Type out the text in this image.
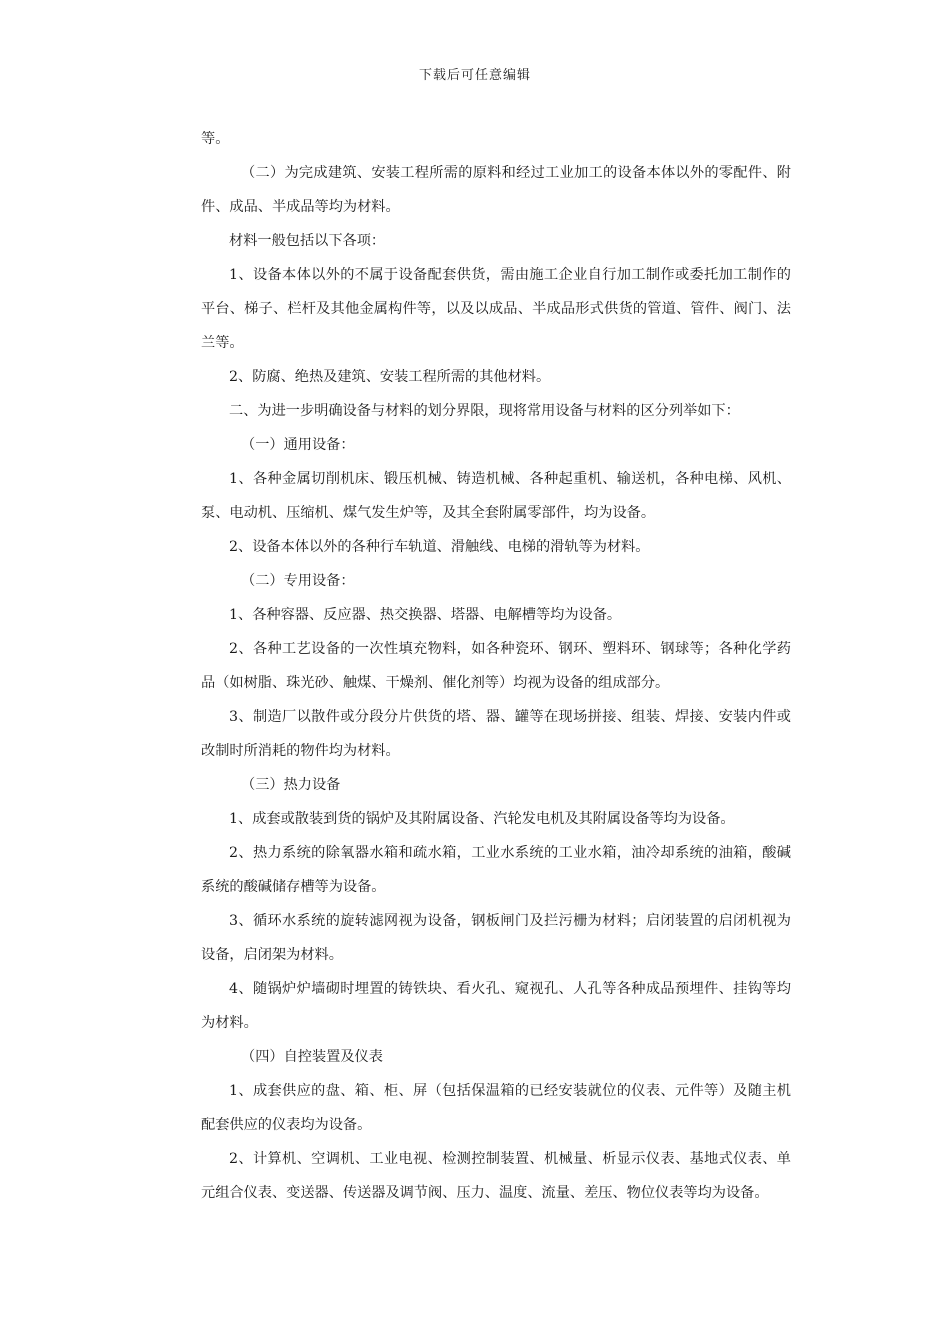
下载后可任意编辑

等。

（二）为完成建筑、安装工程所需的原料和经过工业加工的设备本体以外的零配件、附件、成品、半成品等均为材料。

材料一般包括以下各项：

1、设备本体以外的不属于设备配套供货，需由施工企业自行加工制作或委托加工制作的平台、梯子、栏杆及其他金属构件等，以及以成品、半成品形式供货的管道、管件、阀门、法兰等。

2、防腐、绝热及建筑、安装工程所需的其他材料。

二、为进一步明确设备与材料的划分界限，现将常用设备与材料的区分列举如下：

（一）通用设备：

1、各种金属切削机床、锻压机械、铸造机械、各种起重机、输送机，各种电梯、风机、泵、电动机、压缩机、煤气发生炉等，及其全套附属零部件，均为设备。

2、设备本体以外的各种行车轨道、滑触线、电梯的滑轨等为材料。

（二）专用设备：

1、各种容器、反应器、热交换器、塔器、电解槽等均为设备。

2、各种工艺设备的一次性填充物料，如各种瓷环、钢环、塑料环、钢球等；各种化学药品（如树脂、珠光砂、触煤、干燥剂、催化剂等）均视为设备的组成部分。

3、制造厂以散件或分段分片供货的塔、器、罐等在现场拼接、组装、焊接、安装内件或改制时所消耗的物件均为材料。

（三）热力设备

1、成套或散装到货的锅炉及其附属设备、汽轮发电机及其附属设备等均为设备。

2、热力系统的除氧器水箱和疏水箱，工业水系统的工业水箱，油冷却系统的油箱，酸碱系统的酸碱储存槽等为设备。

3、循环水系统的旋转滤网视为设备，钢板闸门及拦污栅为材料；启闭装置的启闭机视为设备，启闭架为材料。

4、随锅炉炉墙砌时埋置的铸铁块、看火孔、窥视孔、人孔等各种成品预埋件、挂钩等均为材料。

（四）自控装置及仪表

1、成套供应的盘、箱、柜、屏（包括保温箱的已经安装就位的仪表、元件等）及随主机配套供应的仪表均为设备。

2、计算机、空调机、工业电视、检测控制装置、机械量、析显示仪表、基地式仪表、单元组合仪表、变送器、传送器及调节阀、压力、温度、流量、差压、物位仪表等均为设备。
